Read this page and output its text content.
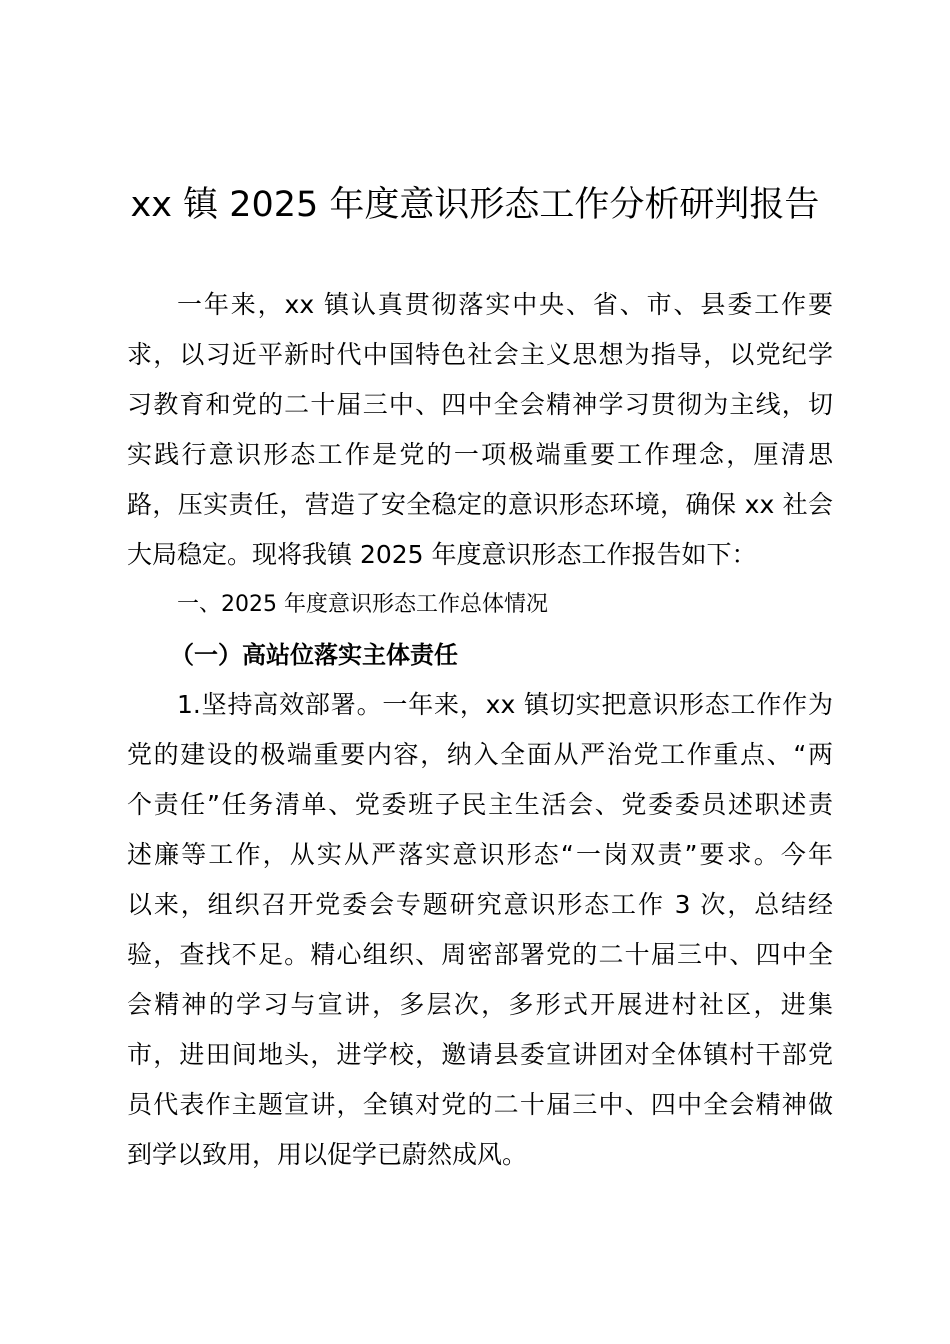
xx 镇 2025 年度意识形态工作分析研判报告
一年来，xx 镇认真贯彻落实中央、省、市、县委工作要
求，以习近平新时代中国特色社会主义思想为指导，以党纪学
习教育和党的二十届三中、四中全会精神学习贯彻为主线，切
实践行意识形态工作是党的一项极端重要工作理念，厘清思
路，压实责任，营造了安全稳定的意识形态环境，确保 xx 社会
大局稳定。现将我镇 2025 年度意识形态工作报告如下：
一、2025 年度意识形态工作总体情况
（一）高站位落实主体责任
1.坚持高效部署。一年来，xx 镇切实把意识形态工作作为
党的建设的极端重要内容，纳入全面从严治党工作重点、“两
个责任”任务清单、党委班子民主生活会、党委委员述职述责
述廉等工作，从实从严落实意识形态“一岗双责”要求。今年
以来，组织召开党委会专题研究意识形态工作 3 次，总结经
验，查找不足。精心组织、周密部署党的二十届三中、四中全
会精神的学习与宣讲，多层次，多形式开展进村社区，进集
市，进田间地头，进学校，邀请县委宣讲团对全体镇村干部党
员代表作主题宣讲，全镇对党的二十届三中、四中全会精神做
到学以致用，用以促学已蔚然成风。
